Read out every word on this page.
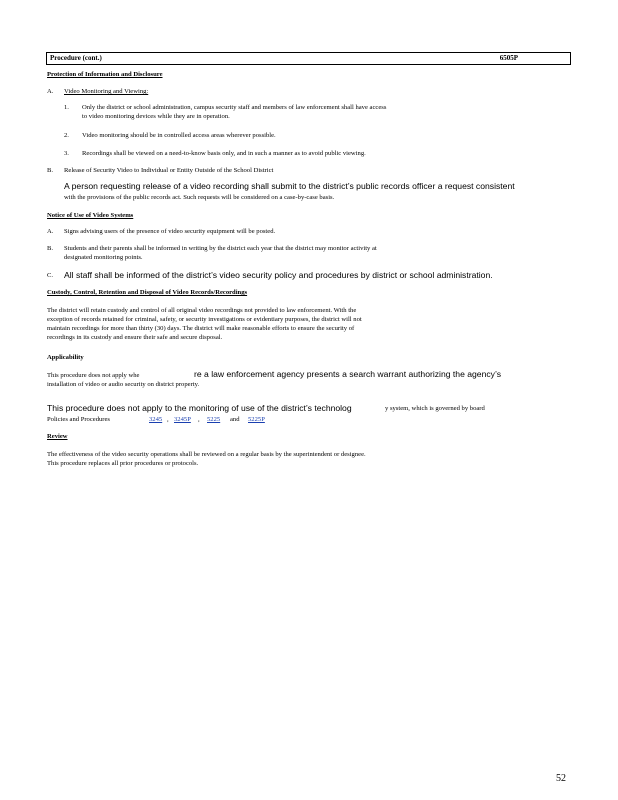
Procedure (cont.)	6505P
Protection of Information and Disclosure
A. Video Monitoring and Viewing:
1. Only the district or school administration, campus security staff and members of law enforcement shall have access
to video monitoring devices while they are in operation.
2. Video monitoring should be in controlled access areas wherever possible.
3. Recordings shall be viewed on a need-to-know basis only, and in such a manner as to avoid public viewing.
B. Release of Security Video to Individual or Entity Outside of the School District
A person requesting release of a video recording shall submit to the district’s public records officer a request consistent
with the provisions of the public records act. Such requests will be considered on a case-by-case basis.
Notice of Use of Video Systems
A. Signs advising users of the presence of video security equipment will be posted.
B. Students and their parents shall be informed in writing by the district each year that the district may monitor activity at
designated monitoring points.
C. All staff shall be informed of the district’s video security policy and procedures by district or school administration.
Custody, Control, Retention and Disposal of Video Records/Recordings
The district will retain custody and control of all original video recordings not provided to law enforcement. With the
exception of records retained for criminal, safety, or security investigations or evidentiary purposes, the district will not
maintain recordings for more than thirty (30) days. The district will make reasonable efforts to ensure the security of
recordings in its custody and ensure their safe and secure disposal.
Applicability
This procedure does not apply whe	re a law enforcement agency presents a search warrant authorizing the agency’s
installation of video or audio security on district property.
This procedure does not apply to the monitoring of use of the district’s technolog	y system, which is governed by board
Policies and Procedures	3245 , 3245P , 5225 and 5225P
Review
The effectiveness of the video security operations shall be reviewed on a regular basis by the superintendent or designee.
This procedure replaces all prior procedures or protocols.
52
